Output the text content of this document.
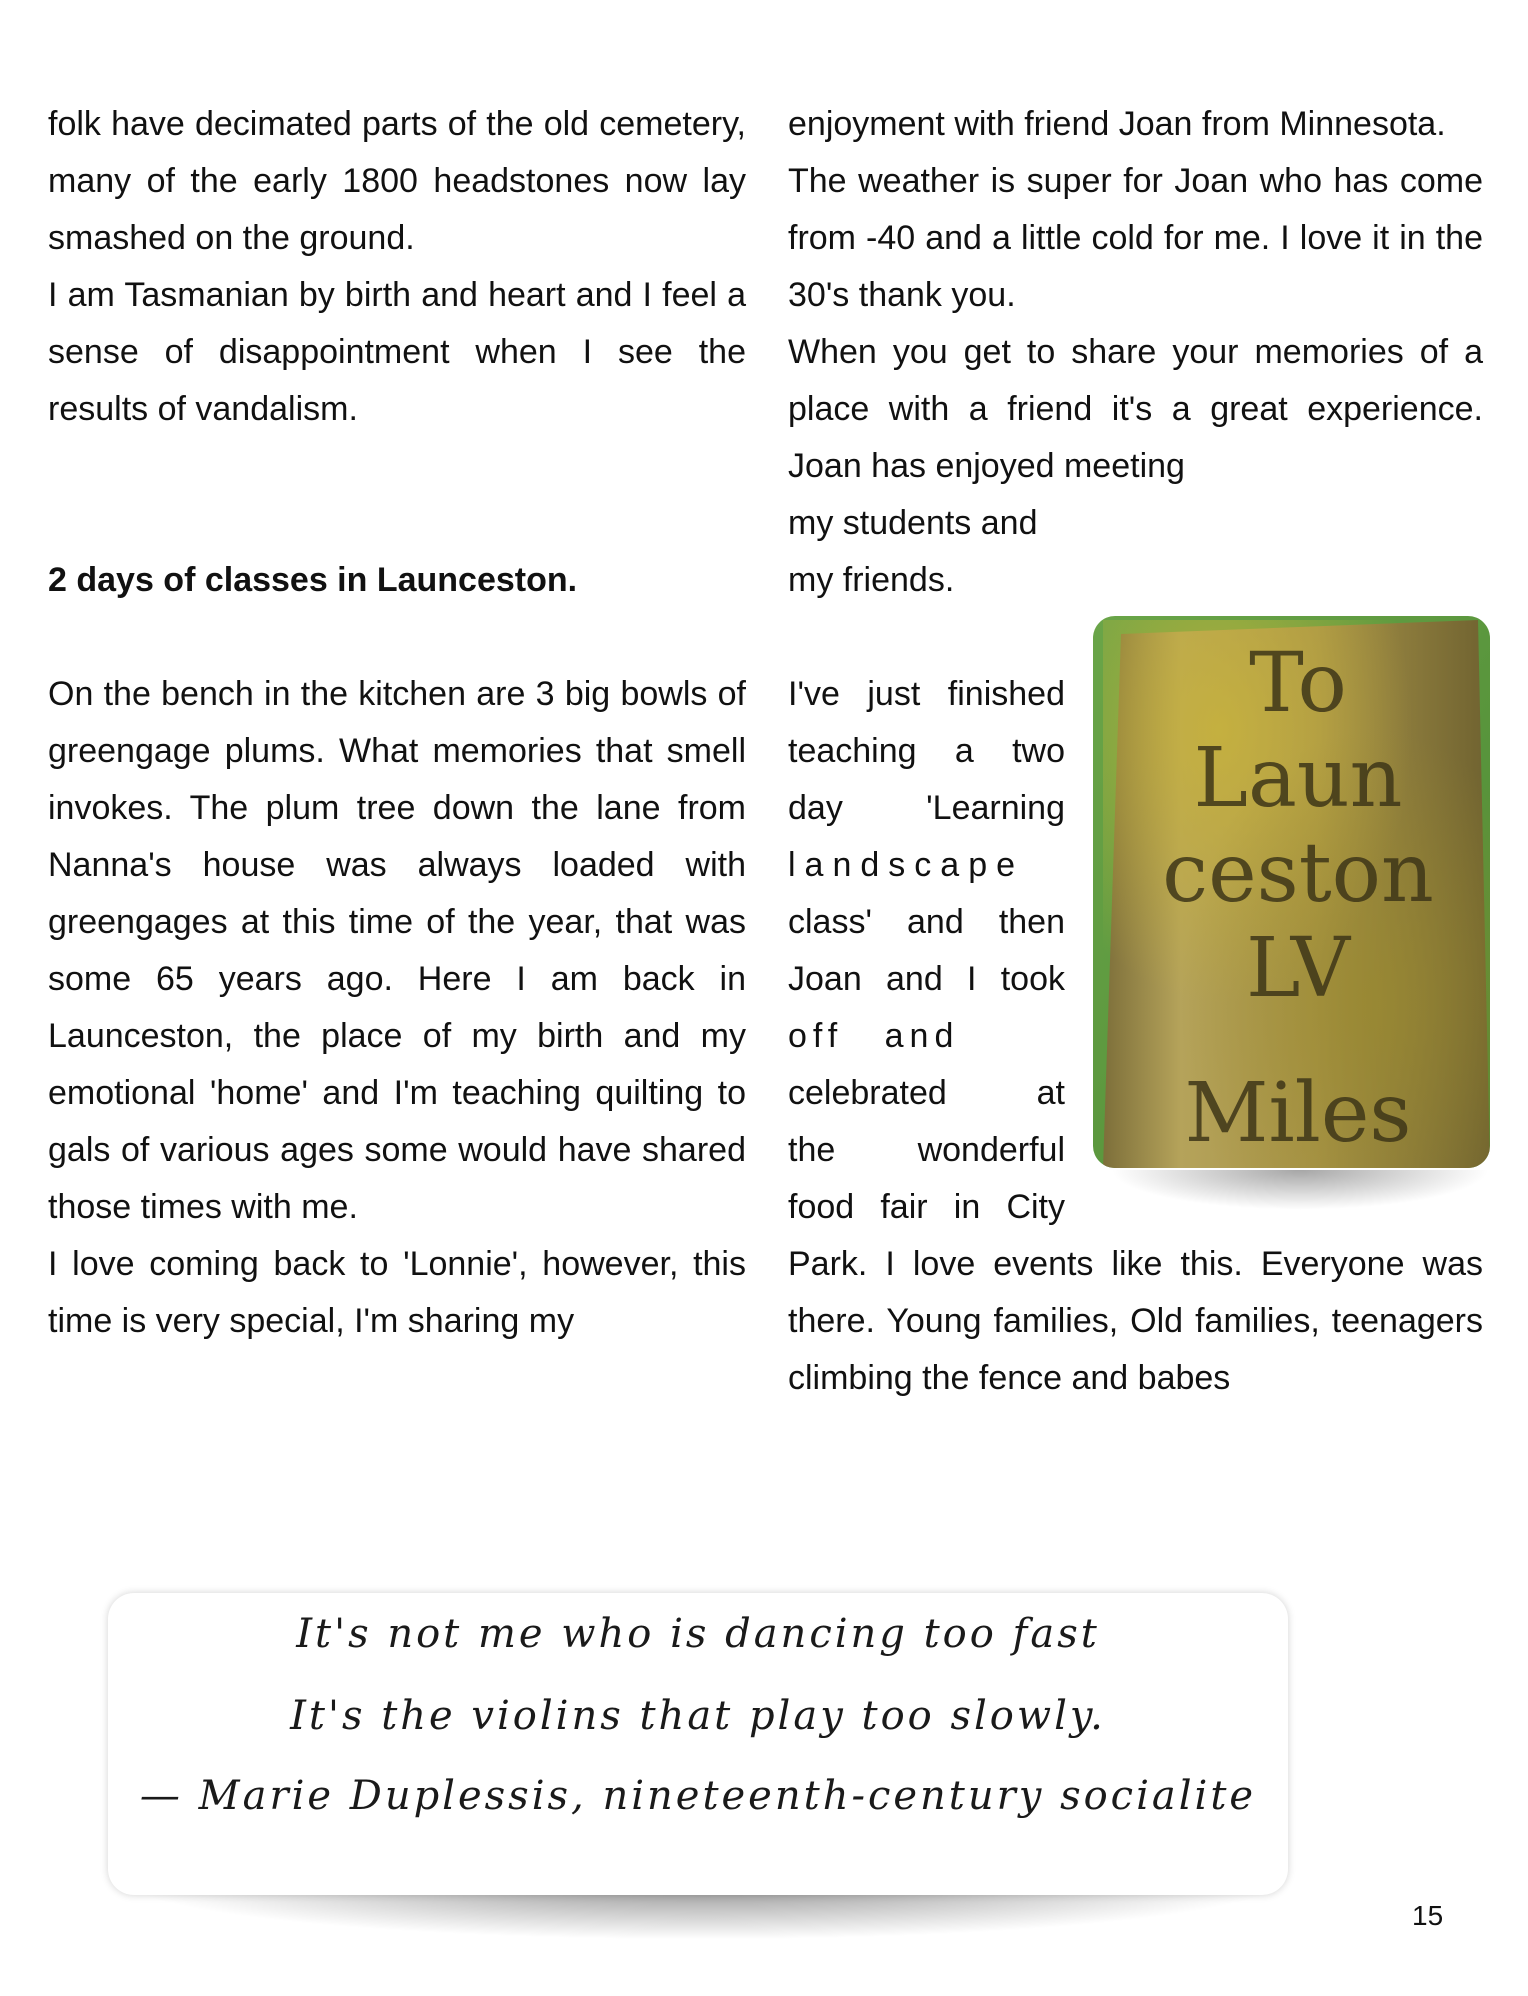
folk have decimated parts of the old cemetery, many of the early 1800 headstones now lay smashed on the ground.

I am Tasmanian by birth and heart and I feel a sense of disappointment when I see the results of vandalism.

2 days of classes in Launceston.

On the bench in the kitchen are 3 big bowls of greengage plums. What memories that smell invokes. The plum tree down the lane from Nanna's house was always loaded with greengages at this time of the year, that was some 65 years ago. Here I am back in Launceston, the place of my birth and my emotional 'home' and I'm teaching quilting to gals of various ages some would have shared those times with me.

I love coming back to 'Lonnie', however, this time is very special, I'm sharing my

enjoyment with friend Joan from Minnesota.

The weather is super for Joan who has come from -40 and a little cold for me. I love it in the 30's thank you.

When you get to share your memories of a place with a friend it's a great experience. Joan has enjoyed meeting

my students and

my friends.

I've just finished

teaching a two

day 'Learning

landscape

class' and then

Joan and I took

off and

celebrated at

the wonderful

food fair in City

Park. I love events like this. Everyone was there. Young families, Old families, teenagers climbing the fence and babes

To
Laun
ceston
LV
Miles
It's not me who is dancing too fast
It's the violins that play too slowly.
— Marie Duplessis, nineteenth-century socialite
15
